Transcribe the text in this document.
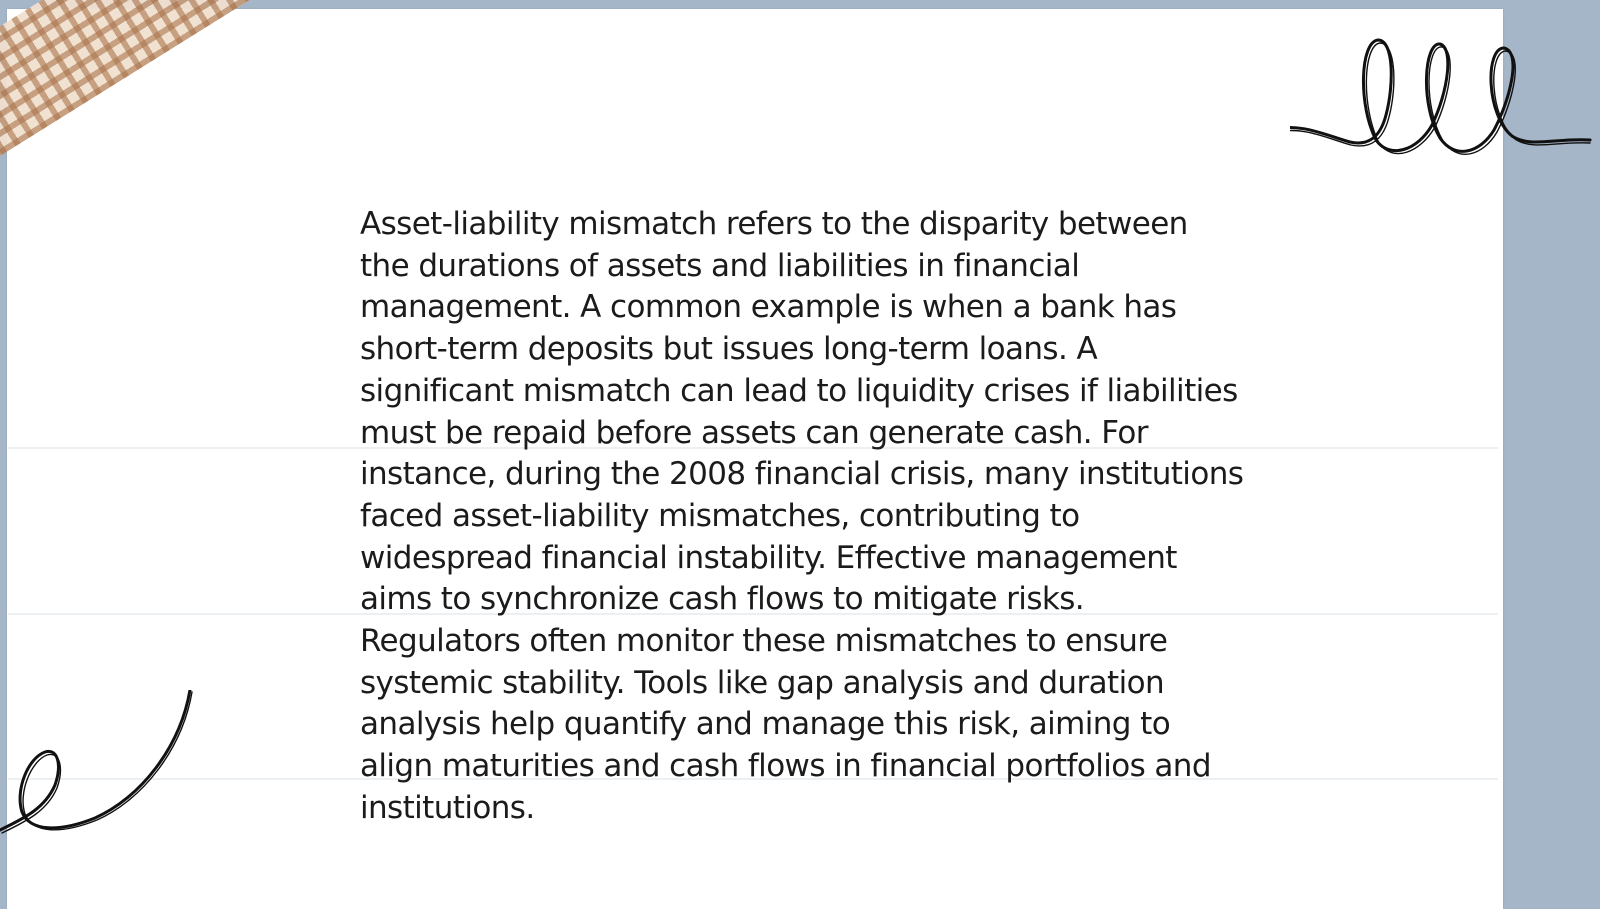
Asset-liability mismatch refers to the disparity between the durations of assets and liabilities in financial management. A common example is when a bank has short-term deposits but issues long-term loans. A significant mismatch can lead to liquidity crises if liabilities must be repaid before assets can generate cash. For instance, during the 2008 financial crisis, many institutions faced asset-liability mismatches, contributing to widespread financial instability. Effective management aims to synchronize cash flows to mitigate risks. Regulators often monitor these mismatches to ensure systemic stability. Tools like gap analysis and duration analysis help quantify and manage this risk, aiming to align maturities and cash flows in financial portfolios and institutions.
